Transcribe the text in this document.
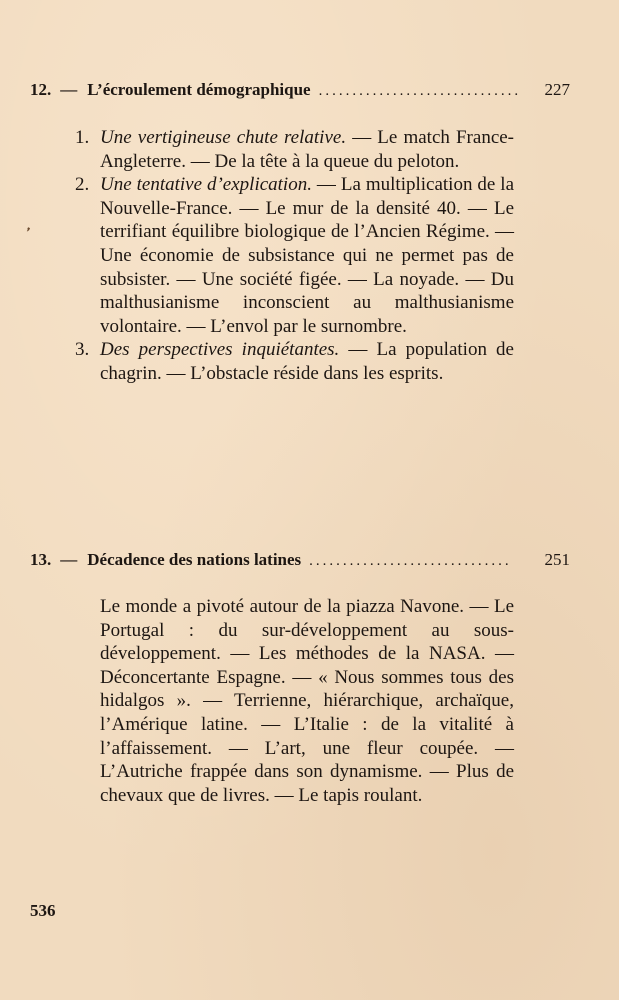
12. — L’écroulement démographique ..............................	227

1. Une vertigineuse chute relative. — Le match France-Angleterre. — De la tête à la queue du peloton.

2. Une tentative d’explication. — La multiplication de la Nouvelle-France. — Le mur de la densité 40. — Le terrifiant équilibre biologique de l’Ancien Régime. — Une économie de subsistance qui ne permet pas de subsister. — Une société figée. — La noyade. — Du malthusianisme inconscient au malthusianisme volontaire. — L’envol par le surnombre.

3. Des perspectives inquiétantes. — La population de chagrin. — L’obstacle réside dans les esprits.

13. — Décadence des nations latines ..............................	251

Le monde a pivoté autour de la piazza Navone. — Le Portugal : du sur-développement au sous-développement. — Les méthodes de la NASA. — Déconcertante Espagne. — « Nous sommes tous des hidalgos ». — Terrienne, hiérarchique, archaïque, l’Amérique latine. — L’Italie : de la vitalité à l’affaissement. — L’art, une fleur coupée. — L’Autriche frappée dans son dynamisme. — Plus de chevaux que de livres. — Le tapis roulant.

536
❜
